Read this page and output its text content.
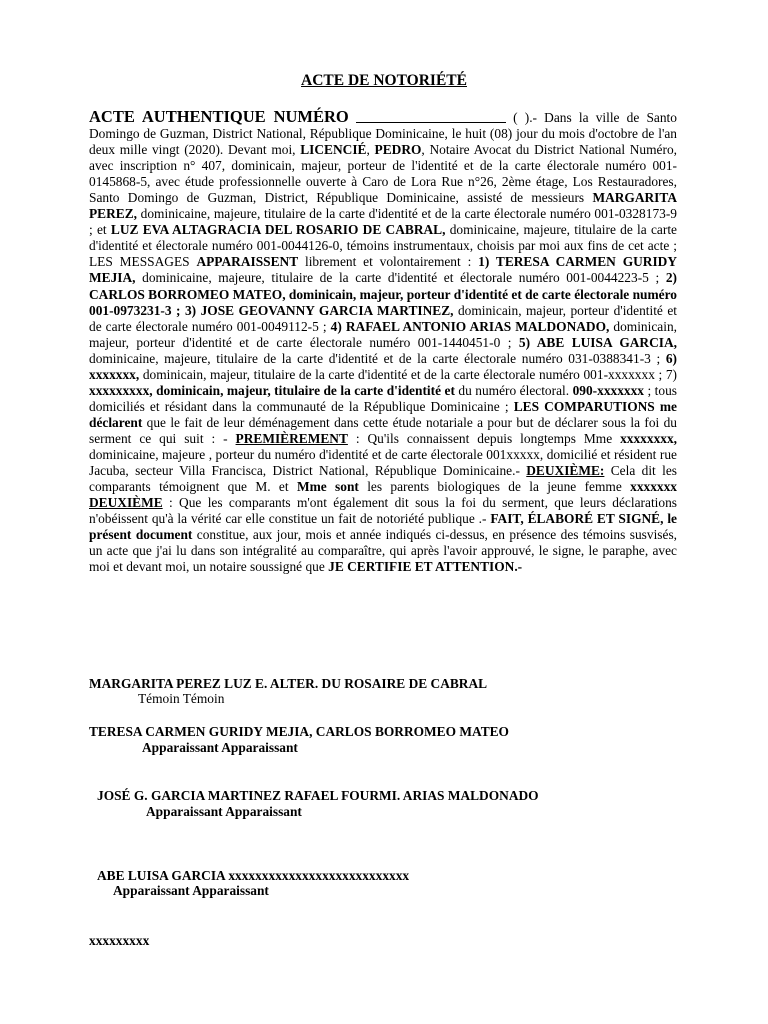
ACTE DE NOTORIÉTÉ

ACTE AUTHENTIQUE NUMÉRO	( ).- Dans la ville de Santo Domingo de Guzman, District National, République Dominicaine, le huit (08) jour du mois d'octobre de l'an deux mille vingt (2020). Devant moi, LICENCIÉ, PEDRO, Notaire Avocat du District National Numéro, avec inscription n° 407, dominicain, majeur, porteur de l'identité et de la carte électorale numéro 001-0145868-5, avec étude professionnelle ouverte à Caro de Lora Rue n°26, 2ème étage, Los Restauradores, Santo Domingo de Guzman, District, République Dominicaine, assisté de messieurs MARGARITA PEREZ, dominicaine, majeure, titulaire de la carte d'identité et de la carte électorale numéro 001-0328173-9 ; et LUZ EVA ALTAGRACIA DEL ROSARIO DE CABRAL, dominicaine, majeure, titulaire de la carte d'identité et électorale numéro 001-0044126-0, témoins instrumentaux, choisis par moi aux fins de cet acte ; LES MESSAGES APPARAISSENT librement et volontairement : 1) TERESA CARMEN GURIDY MEJIA, dominicaine, majeure, titulaire de la carte d'identité et électorale numéro 001-0044223-5 ; 2) CARLOS BORROMEO MATEO, dominicain, majeur, porteur d'identité et de carte électorale numéro 001-0973231-3 ; 3) JOSE GEOVANNY GARCIA MARTINEZ, dominicain, majeur, porteur d'identité et de carte électorale numéro 001-0049112-5 ; 4) RAFAEL ANTONIO ARIAS MALDONADO, dominicain, majeur, porteur d'identité et de carte électorale numéro 001-1440451-0 ; 5) ABE LUISA GARCIA, dominicaine, majeure, titulaire de la carte d'identité et de la carte électorale numéro 031-0388341-3 ; 6) xxxxxxx, dominicain, majeur, titulaire de la carte d'identité et de la carte électorale numéro 001-xxxxxxx ; 7) xxxxxxxxx, dominicain, majeur, titulaire de la carte d'identité et du numéro électoral. 090-xxxxxxx ; tous domiciliés et résidant dans la communauté de la République Dominicaine ; LES COMPARUTIONS me déclarent que le fait de leur déménagement dans cette étude notariale a pour but de déclarer sous la foi du serment ce qui suit : - PREMIÈREMENT : Qu'ils connaissent depuis longtemps Mme xxxxxxxx, dominicaine, majeure , porteur du numéro d'identité et de carte électorale 001xxxxx, domicilié et résident rue Jacuba, secteur Villa Francisca, District National, République Dominicaine.- DEUXIÈME: Cela dit les comparants témoignent que M. et Mme sont les parents biologiques de la jeune femme xxxxxxx DEUXIÈME : Que les comparants m'ont également dit sous la foi du serment, que leurs déclarations n'obéissent qu'à la vérité car elle constitue un fait de notoriété publique .- FAIT, ÉLABORÉ ET SIGNÉ, le présent document constitue, aux jour, mois et année indiqués ci-dessus, en présence des témoins susvisés, un acte que j'ai lu dans son intégralité au comparaître, qui après l'avoir approuvé, le signe, le paraphe, avec moi et devant moi, un notaire soussigné que JE CERTIFIE ET ATTENTION.-

MARGARITA PEREZ LUZ E. ALTER. DU ROSAIRE DE CABRAL

Témoin Témoin

TERESA CARMEN GURIDY MEJIA, CARLOS BORROMEO MATEO

Apparaissant Apparaissant

JOSÉ G. GARCIA MARTINEZ RAFAEL FOURMI. ARIAS MALDONADO

Apparaissant Apparaissant

ABE LUISA GARCIA xxxxxxxxxxxxxxxxxxxxxxxxxxx

Apparaissant Apparaissant

xxxxxxxxx
